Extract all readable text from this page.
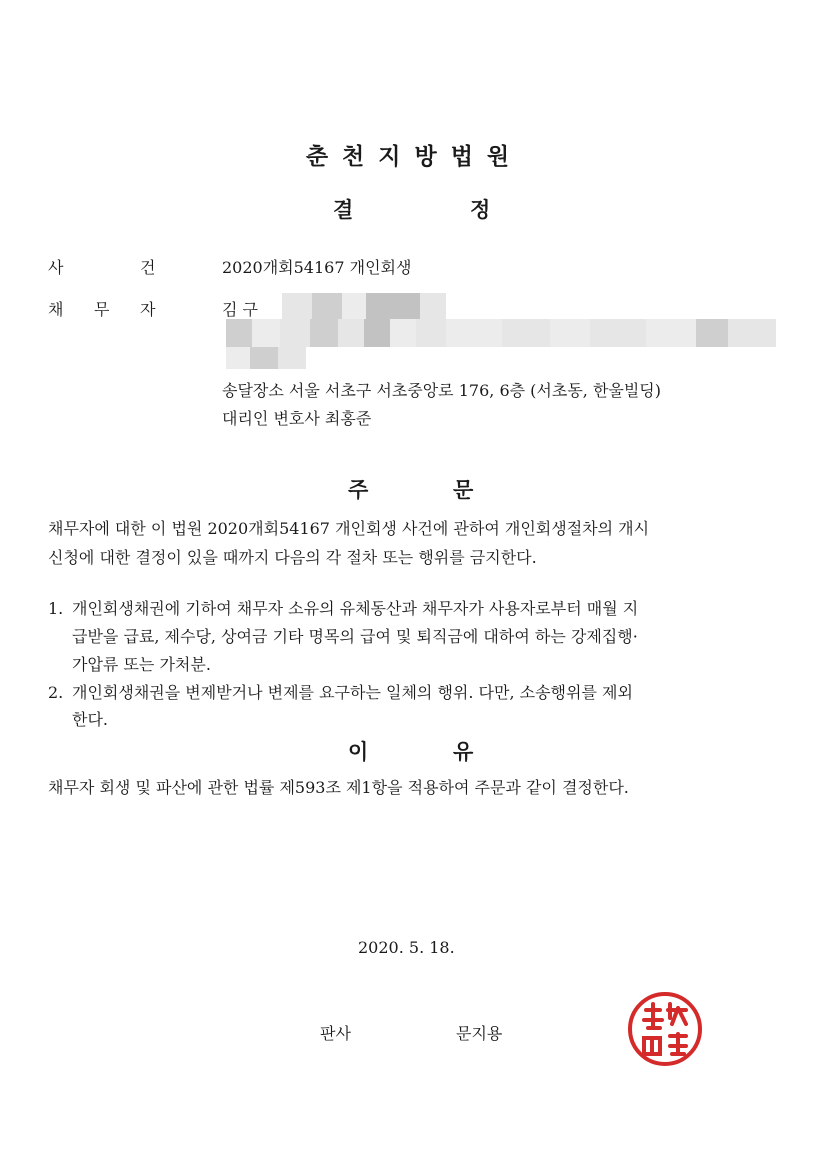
춘천지방법원
결	정
사	건	2020개회54167 개인회생
채 무 자	김 구
송달장소 서울 서초구 서초중앙로 176, 6층 (서초동, 한울빌딩)
대리인 변호사 최홍준
주	문
채무자에 대한 이 법원 2020개회54167 개인회생 사건에 관하여 개인회생절차의 개시
신청에 대한 결정이 있을 때까지 다음의 각 절차 또는 행위를 금지한다.
1. 개인회생채권에 기하여 채무자 소유의 유체동산과 채무자가 사용자로부터 매월 지
급받을 급료, 제수당, 상여금 기타 명목의 급여 및 퇴직금에 대하여 하는 강제집행·
가압류 또는 가처분.
2. 개인회생채권을 변제받거나 변제를 요구하는 일체의 행위. 다만, 소송행위를 제외
한다.
이	유
채무자 회생 및 파산에 관한 법률 제593조 제1항을 적용하여 주문과 같이 결정한다.
2020. 5. 18.
판사	문지용
